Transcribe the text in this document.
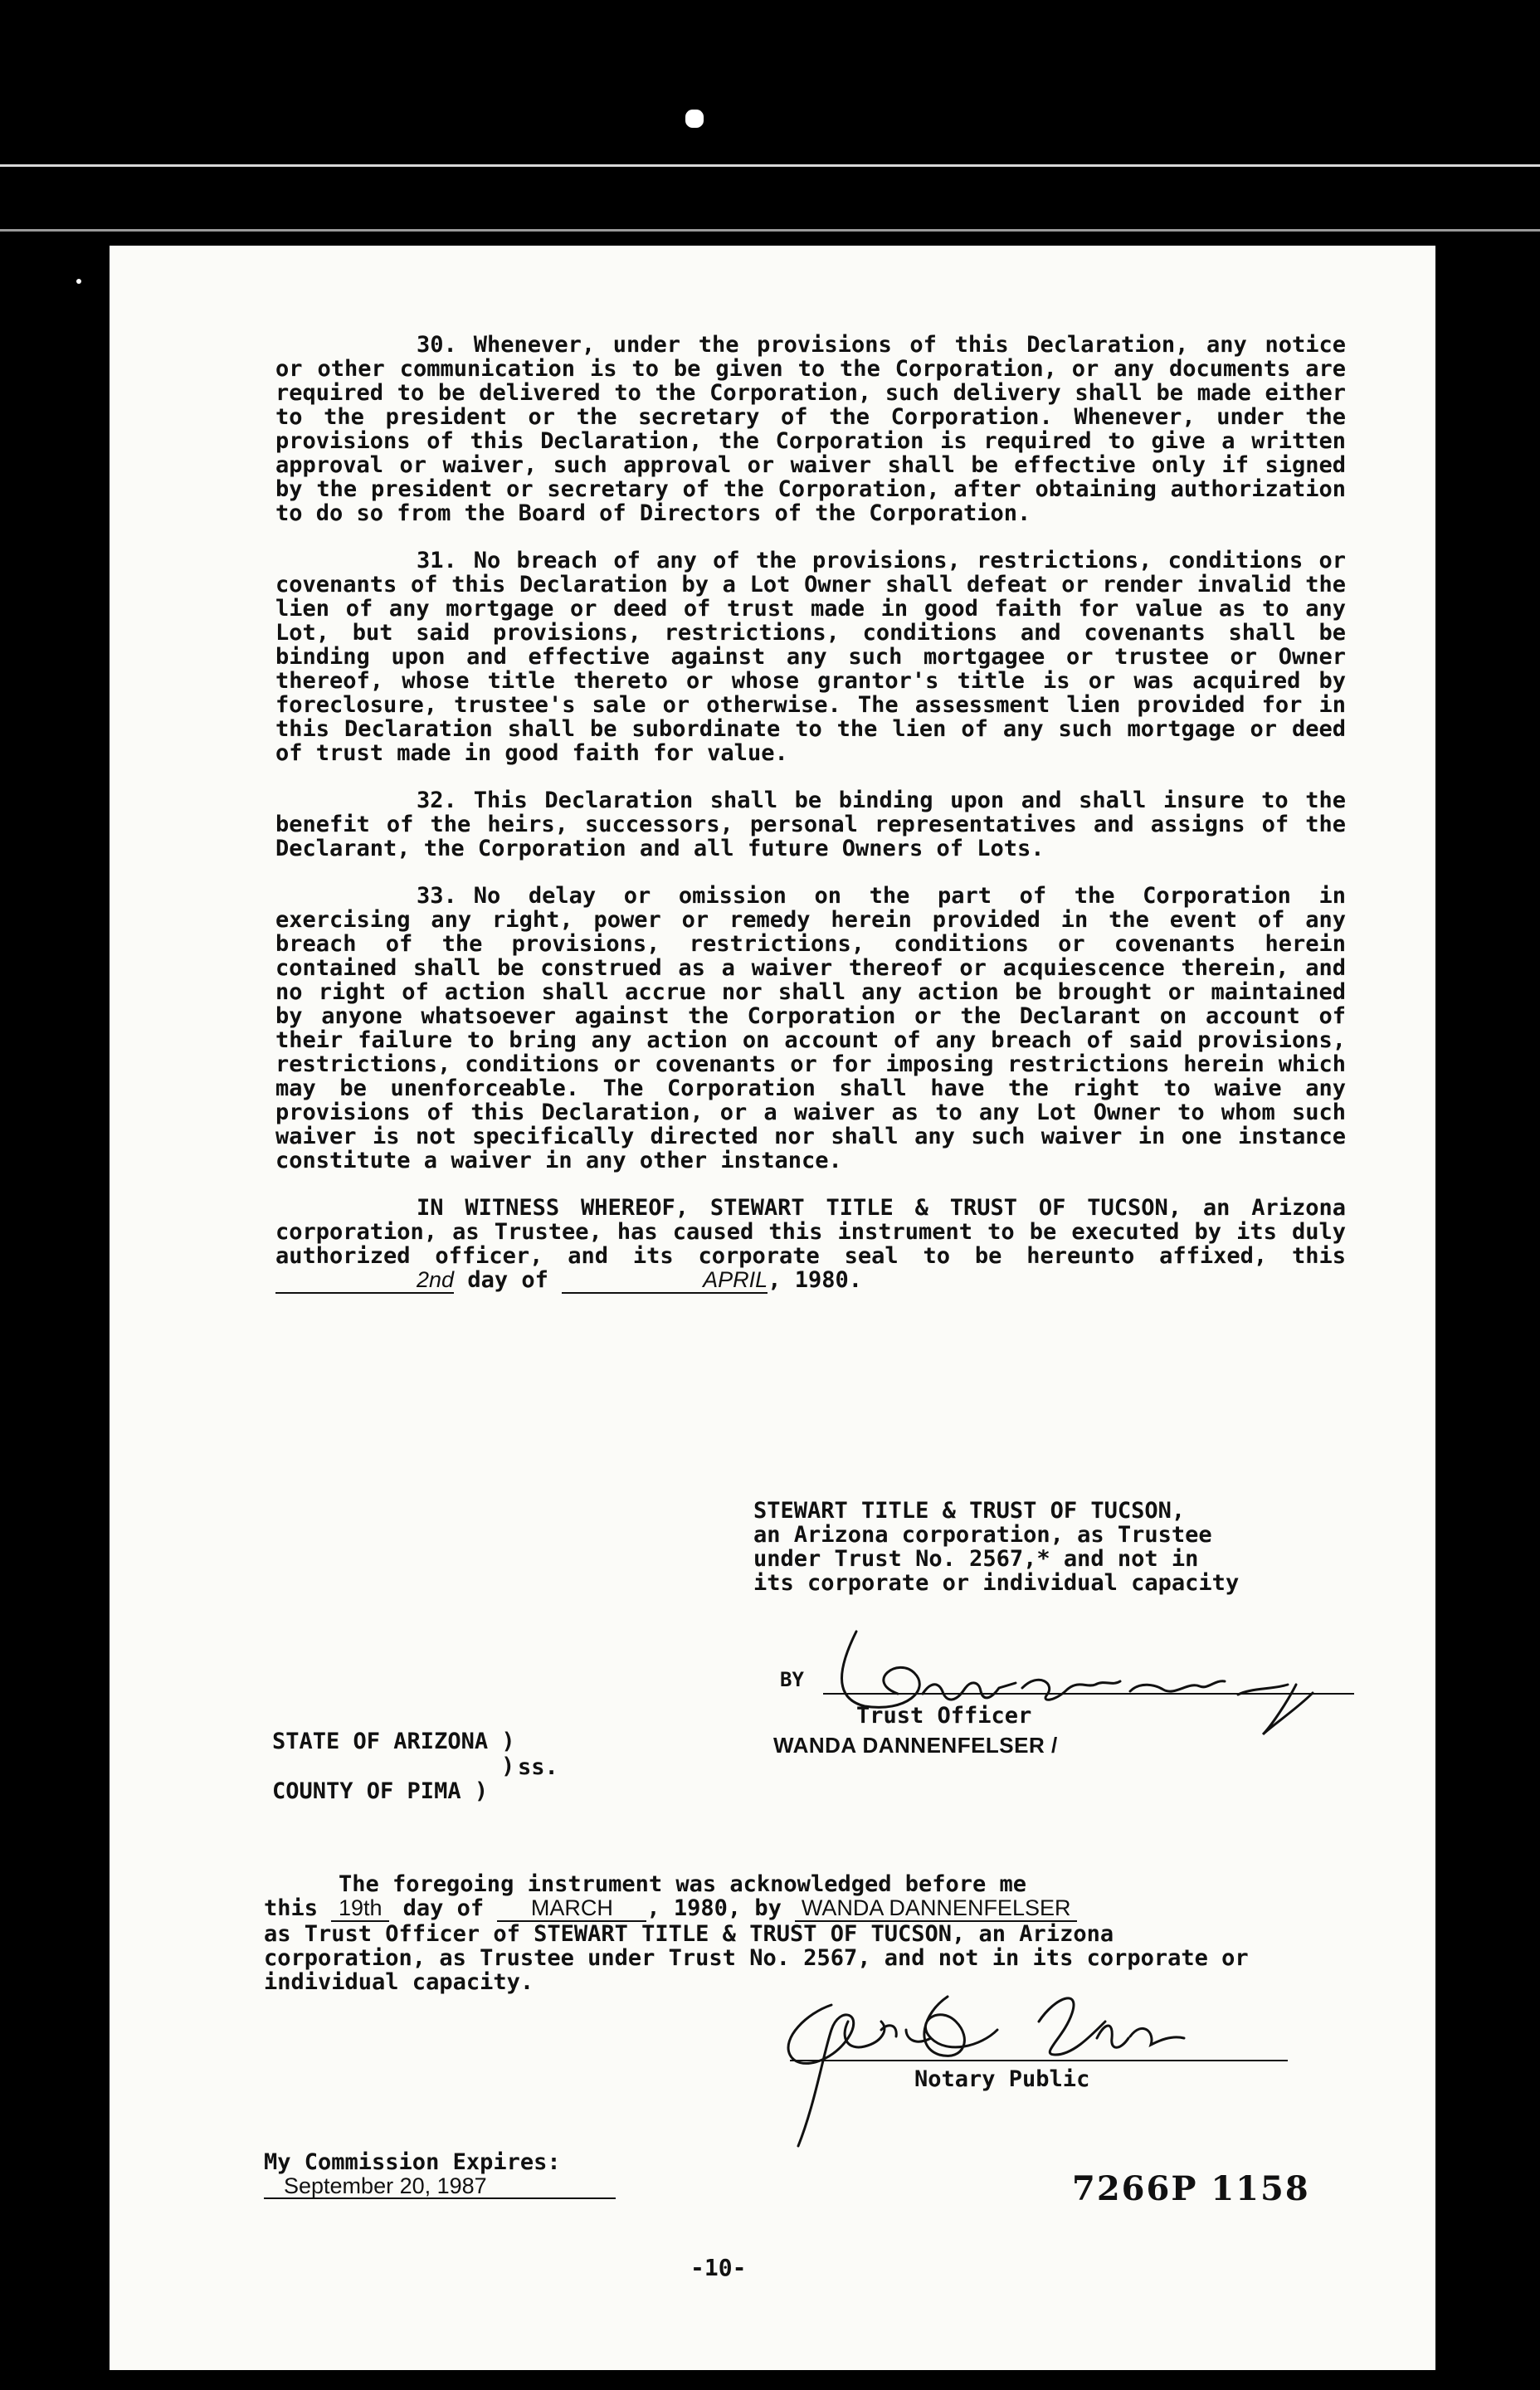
30. Whenever, under the provisions of this Declaration, any notice or other communication is to be given to the Corporation, or any documents are required to be delivered to the Corporation, such delivery shall be made either to the president or the secretary of the Corporation. Whenever, under the provisions of this Declaration, the Corporation is required to give a written approval or waiver, such approval or waiver shall be effective only if signed by the president or secretary of the Corporation, after obtaining authorization to do so from the Board of Directors of the Corporation.

31. No breach of any of the provisions, restrictions, conditions or covenants of this Declaration by a Lot Owner shall defeat or render invalid the lien of any mortgage or deed of trust made in good faith for value as to any Lot, but said provisions, restrictions, conditions and covenants shall be binding upon and effective against any such mortgagee or trustee or Owner thereof, whose title thereto or whose grantor's title is or was acquired by foreclosure, trustee's sale or otherwise. The assessment lien provided for in this Declaration shall be subordinate to the lien of any such mortgage or deed of trust made in good faith for value.

32. This Declaration shall be binding upon and shall insure to the benefit of the heirs, successors, personal representatives and assigns of the Declarant, the Corporation and all future Owners of Lots.

33. No delay or omission on the part of the Corporation in exercising any right, power or remedy herein provided in the event of any breach of the provisions, restrictions, conditions or covenants herein contained shall be construed as a waiver thereof or acquiescence therein, and no right of action shall accrue nor shall any action be brought or maintained by anyone whatsoever against the Corporation or the Declarant on account of their failure to bring any action on account of any breach of said provisions, restrictions, conditions or covenants or for imposing restrictions herein which may be unenforceable. The Corporation shall have the right to waive any provisions of this Declaration, or a waiver as to any Lot Owner to whom such waiver is not specifically directed nor shall any such waiver in one instance constitute a waiver in any other instance.

IN WITNESS WHEREOF, STEWART TITLE & TRUST OF TUCSON, an Arizona corporation, as Trustee, has caused this instrument to be executed by its duly authorized officer, and its corporate seal to be hereunto affixed, this 2nd day of	APRIL, 1980.

STEWART TITLE & TRUST OF TUCSON,
an Arizona corporation, as Trustee
under Trust No. 2567,* and not in
its corporate or individual capacity
BY
Trust Officer
WANDA DANNENFELSER /
STATE OF ARIZONA )
)
COUNTY OF PIMA )
ss.
The foregoing instrument was acknowledged before me
this 19th day of MARCH , 1980, by WANDA DANNENFELSER
as Trust Officer of STEWART TITLE & TRUST OF TUCSON, an Arizona corporation, as Trustee under Trust No. 2567, and not in its corporate or individual capacity.
Notary Public
My Commission Expires:
September 20, 1987	7266P 1158
-10-
